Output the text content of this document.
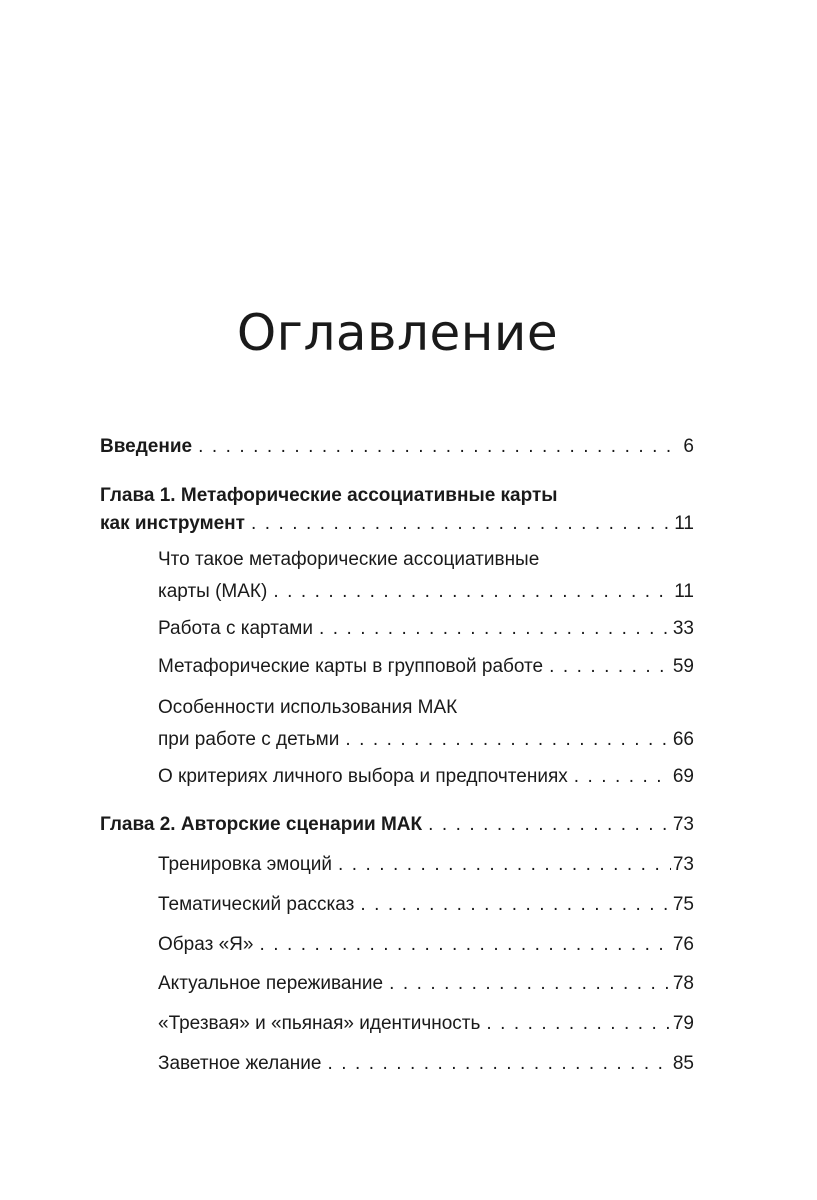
Оглавление
Введение . . .	6
Глава 1. Метафорические ассоциативные карты
как инструмент . . .	11
Что такое метафорические ассоциативные
карты (МАК) . . .	11
Работа с картами . . .	33
Метафорические карты в групповой работе . . .	59
Особенности использования МАК
при работе с детьми . . .	66
О критериях личного выбора и предпочтениях . . .	69
Глава 2. Авторские сценарии МАК . . .	73
Тренировка эмоций . . .	73
Тематический рассказ . . .	75
Образ «Я» . . .	76
Актуальное переживание . . .	78
«Трезвая» и «пьяная» идентичность . . .	79
Заветное желание . . .	85
